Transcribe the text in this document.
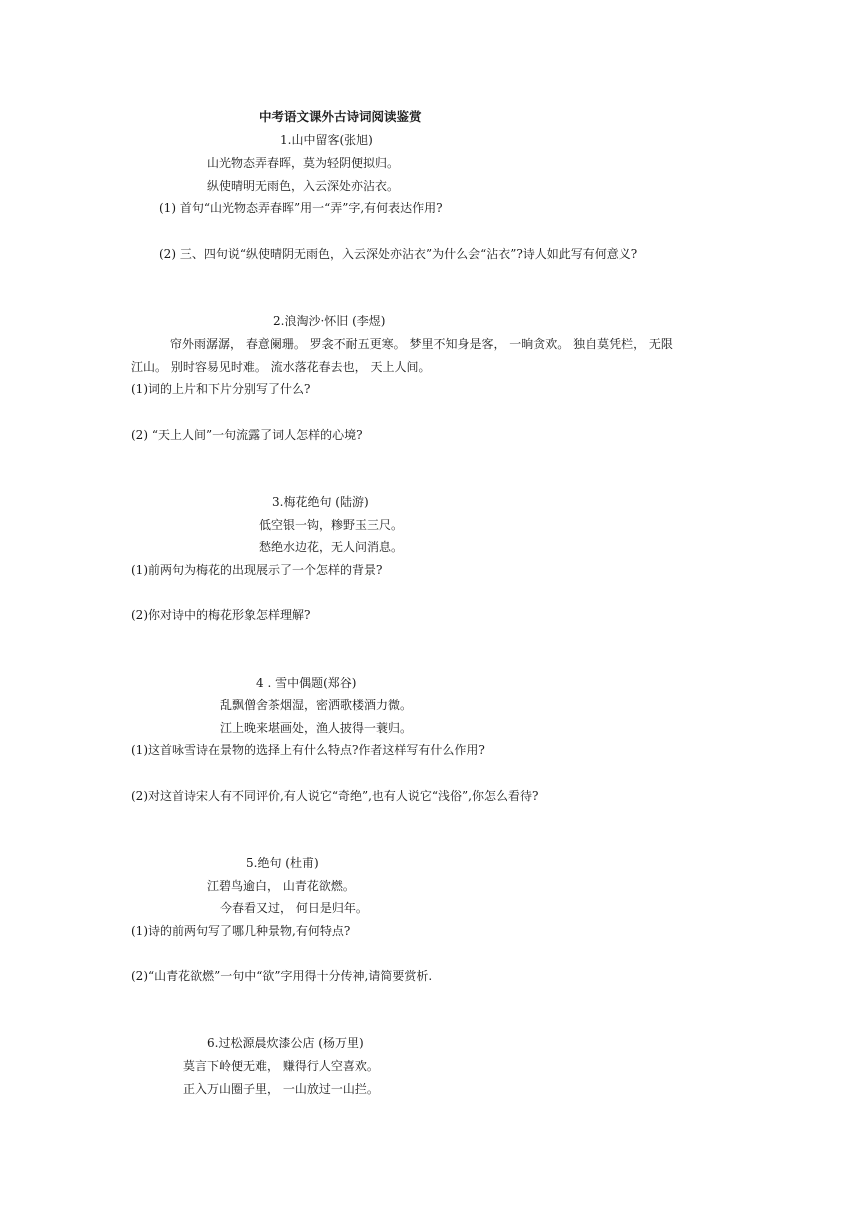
中考语文课外古诗词阅读鉴赏
1.山中留客(张旭)
山光物态弄春晖，莫为轻阴便拟归。
纵使晴明无雨色，入云深处亦沾衣。
(1) 首句“山光物态弄春晖”用一“弄”字,有何表达作用?
(2) 三、四句说“纵使晴阴无雨色，入云深处亦沾衣”为什么会“沾衣”?诗人如此写有何意义?
2.浪淘沙·怀旧 (李煜)
帘外雨潺潺， 春意阑珊。 罗衾不耐五更寒。 梦里不知身是客， 一晌贪欢。 独自莫凭栏， 无限
江山。 别时容易见时难。 流水落花春去也， 天上人间。
(1)词的上片和下片分别写了什么?
(2) “天上人间”一句流露了词人怎样的心境?
3.梅花绝句 (陆游)
低空银一钩，糁野玉三尺。
愁绝水边花，无人问消息。
(1)前两句为梅花的出现展示了一个怎样的背景?
(2)你对诗中的梅花形象怎样理解?
4 . 雪中偶题(郑谷)
乱飘僧舍茶烟湿，密洒歌楼酒力微。
江上晚来堪画处，渔人披得一蓑归。
(1)这首咏雪诗在景物的选择上有什么特点?作者这样写有什么作用?
(2)对这首诗宋人有不同评价,有人说它“奇绝”,也有人说它“浅俗”,你怎么看待?
5.绝句 (杜甫)
江碧鸟逾白， 山青花欲燃。
今春看又过， 何日是归年。
(1)诗的前两句写了哪几种景物,有何特点?
(2)“山青花欲燃”一句中“欲”字用得十分传神,请简要赏析.
6.过松源晨炊漆公店 (杨万里)
莫言下岭便无难， 赚得行人空喜欢。
正入万山圈子里， 一山放过一山拦。
